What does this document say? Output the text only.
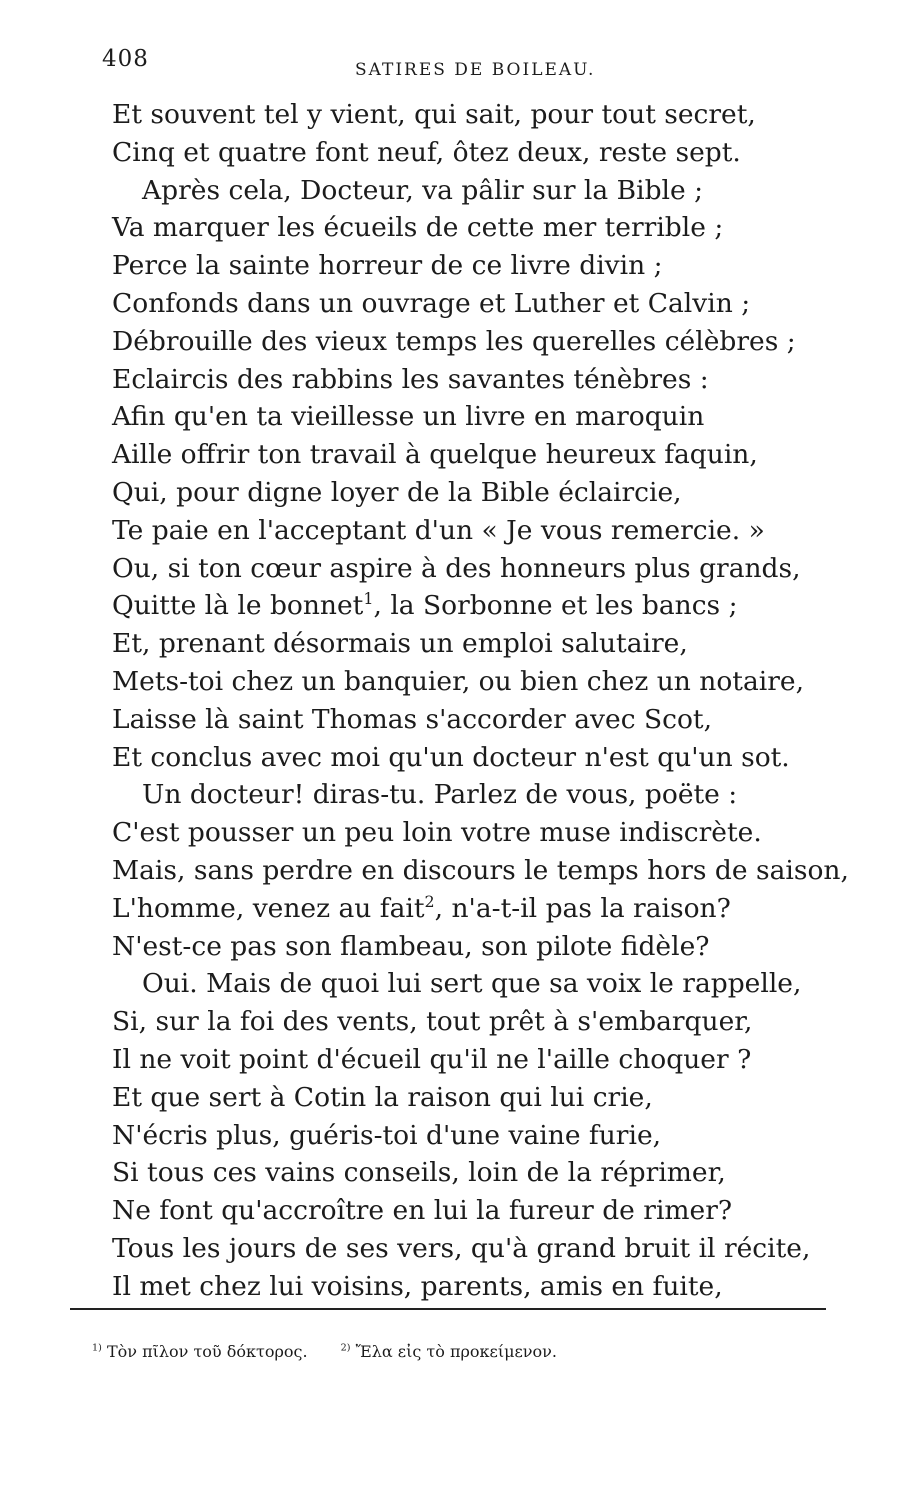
408	SATIRES DE BOILEAU.
Et souvent tel y vient, qui sait, pour tout secret,
Cinq et quatre font neuf, ôtez deux, reste sept.
Après cela, Docteur, va pâlir sur la Bible ;
Va marquer les écueils de cette mer terrible ;
Perce la sainte horreur de ce livre divin ;
Confonds dans un ouvrage et Luther et Calvin ;
Débrouille des vieux temps les querelles célèbres ;
Eclaircis des rabbins les savantes ténèbres :
Afin qu'en ta vieillesse un livre en maroquin
Aille offrir ton travail à quelque heureux faquin,
Qui, pour digne loyer de la Bible éclaircie,
Te paie en l'acceptant d'un « Je vous remercie. »
Ou, si ton cœur aspire à des honneurs plus grands,
Quitte là le bonnet$^1$, la Sorbonne et les bancs ;
Et, prenant désormais un emploi salutaire,
Mets-toi chez un banquier, ou bien chez un notaire,
Laisse là saint Thomas s'accorder avec Scot,
Et conclus avec moi qu'un docteur n'est qu'un sot.
Un docteur! diras-tu. Parlez de vous, poëte :
C'est pousser un peu loin votre muse indiscrète.
Mais, sans perdre en discours le temps hors de saison,
L'homme, venez au fait$^2$, n'a-t-il pas la raison?
N'est-ce pas son flambeau, son pilote fidèle?
Oui. Mais de quoi lui sert que sa voix le rappelle,
Si, sur la foi des vents, tout prêt à s'embarquer,
Il ne voit point d'écueil qu'il ne l'aille choquer ?
Et que sert à Cotin la raison qui lui crie,
N'écris plus, guéris-toi d'une vaine furie,
Si tous ces vains conseils, loin de la réprimer,
Ne font qu'accroître en lui la fureur de rimer?
Tous les jours de ses vers, qu'à grand bruit il récite,
Il met chez lui voisins, parents, amis en fuite,
$^{1)}$ Τὸν πῖλον τοῦ δόκτορος.	$^{2)}$ Ἔλα εἰς τὸ προκείμενον.
